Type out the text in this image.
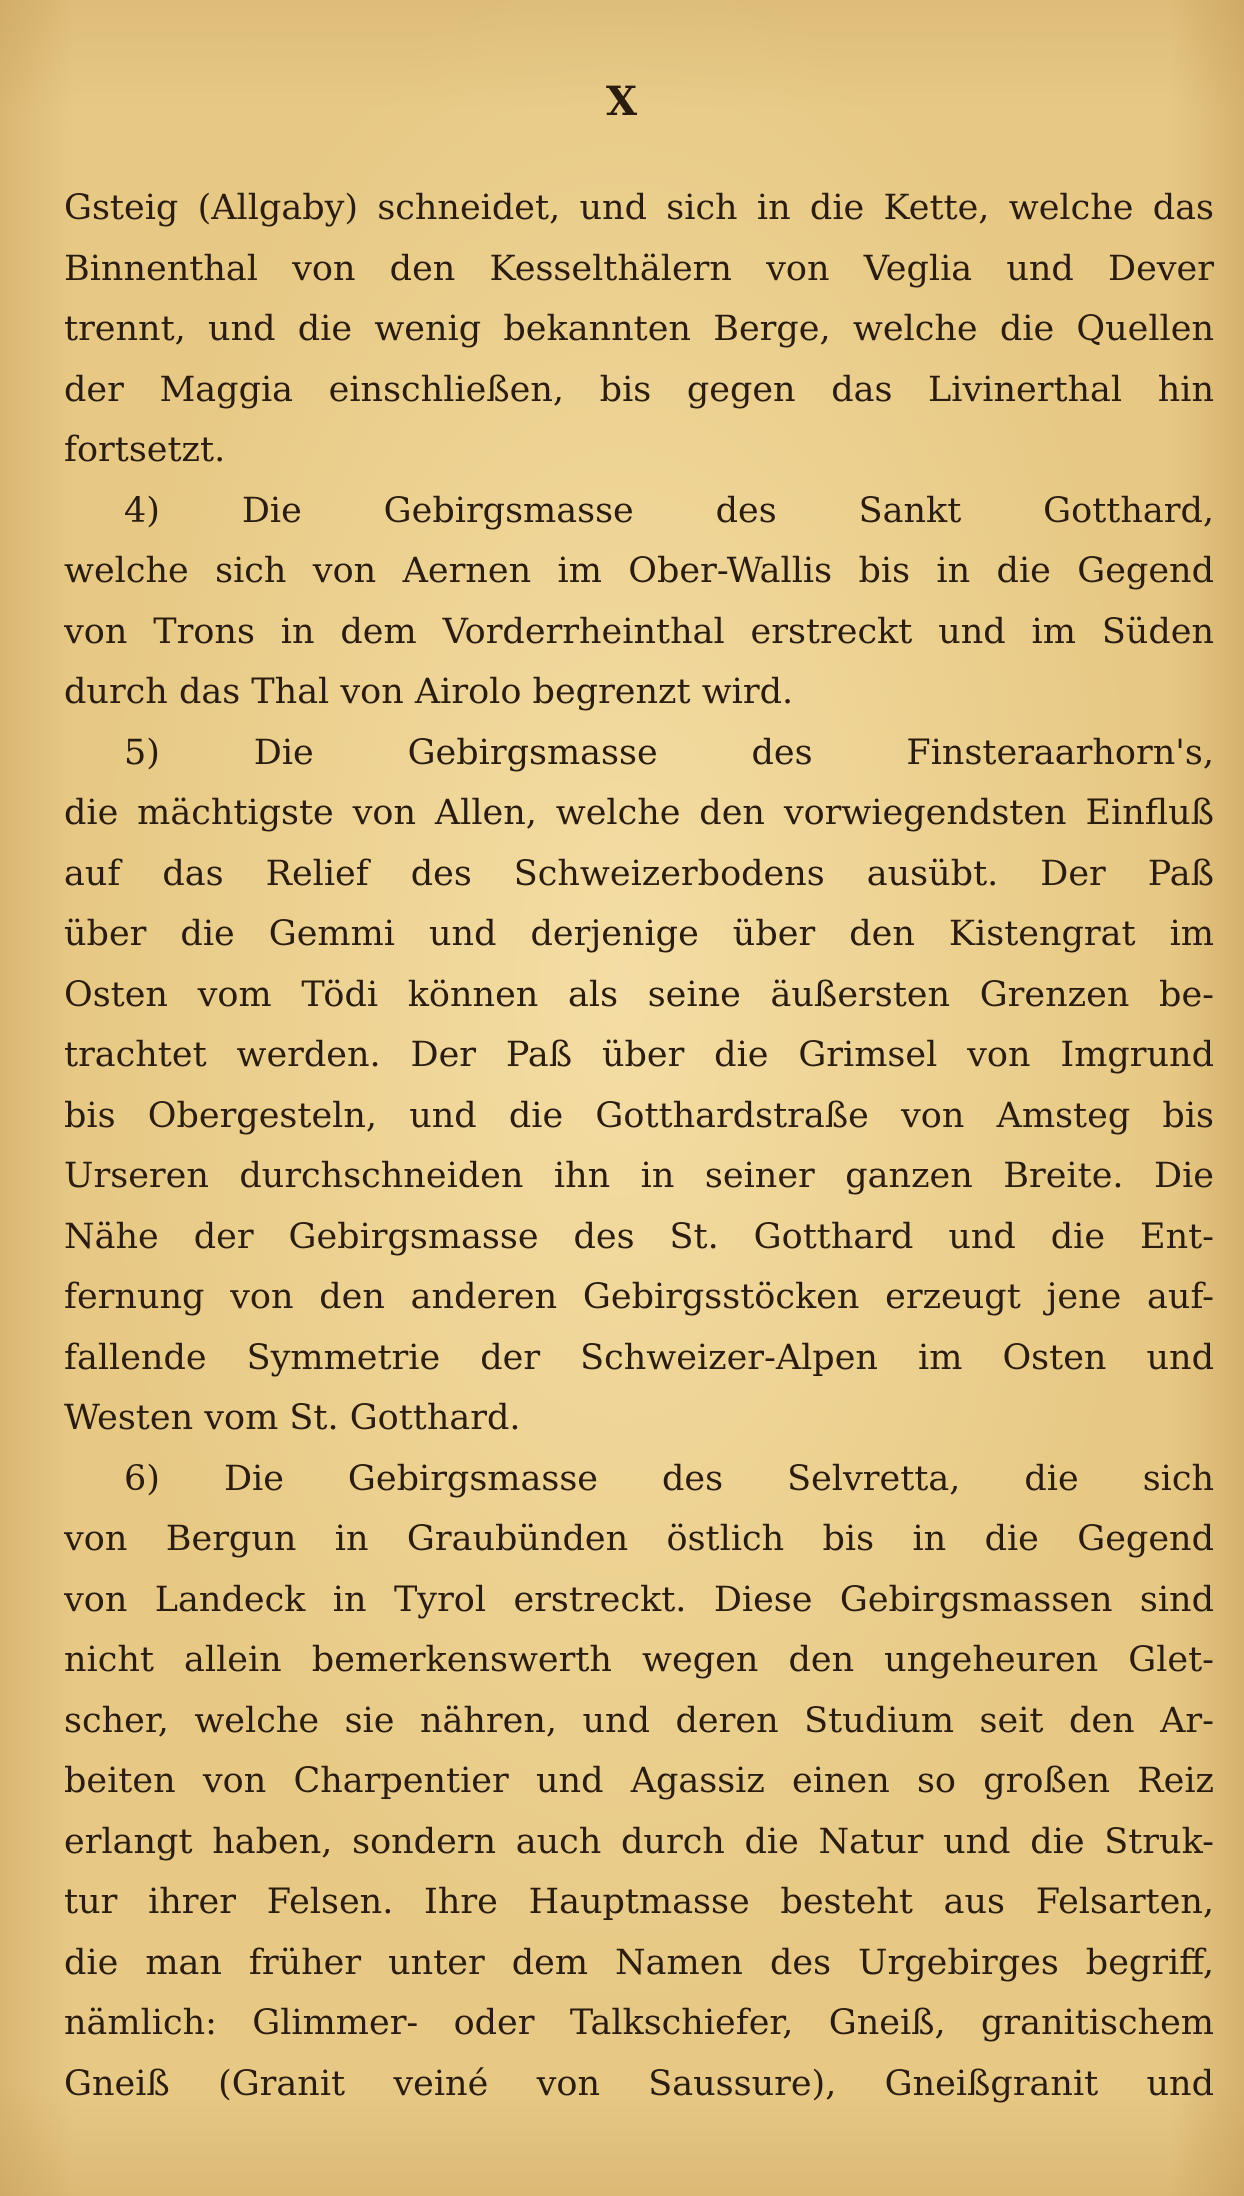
X
Gsteig (Allgaby) schneidet, und sich in die Kette, welche das
Binnenthal von den Kesselthälern von Veglia und Dever
trennt, und die wenig bekannten Berge, welche die Quellen
der Maggia einschließen, bis gegen das Livinerthal hin
fortsetzt.
4) Die Gebirgsmasse des Sankt Gotthard,
welche sich von Aernen im Ober-Wallis bis in die Gegend
von Trons in dem Vorderrheinthal erstreckt und im Süden
durch das Thal von Airolo begrenzt wird.
5) Die Gebirgsmasse des Finsteraarhorn's,
die mächtigste von Allen, welche den vorwiegendsten Einfluß
auf das Relief des Schweizerbodens ausübt. Der Paß
über die Gemmi und derjenige über den Kistengrat im
Osten vom Tödi können als seine äußersten Grenzen be-
trachtet werden. Der Paß über die Grimsel von Imgrund
bis Obergesteln, und die Gotthardstraße von Amsteg bis
Urseren durchschneiden ihn in seiner ganzen Breite. Die
Nähe der Gebirgsmasse des St. Gotthard und die Ent-
fernung von den anderen Gebirgsstöcken erzeugt jene auf-
fallende Symmetrie der Schweizer-Alpen im Osten und
Westen vom St. Gotthard.
6) Die Gebirgsmasse des Selvretta, die sich
von Bergun in Graubünden östlich bis in die Gegend
von Landeck in Tyrol erstreckt. Diese Gebirgsmassen sind
nicht allein bemerkenswerth wegen den ungeheuren Glet-
scher, welche sie nähren, und deren Studium seit den Ar-
beiten von Charpentier und Agassiz einen so großen Reiz
erlangt haben, sondern auch durch die Natur und die Struk-
tur ihrer Felsen. Ihre Hauptmasse besteht aus Felsarten,
die man früher unter dem Namen des Urgebirges begriff,
nämlich: Glimmer- oder Talkschiefer, Gneiß, granitischem
Gneiß (Granit veiné von Saussure), Gneißgranit und
